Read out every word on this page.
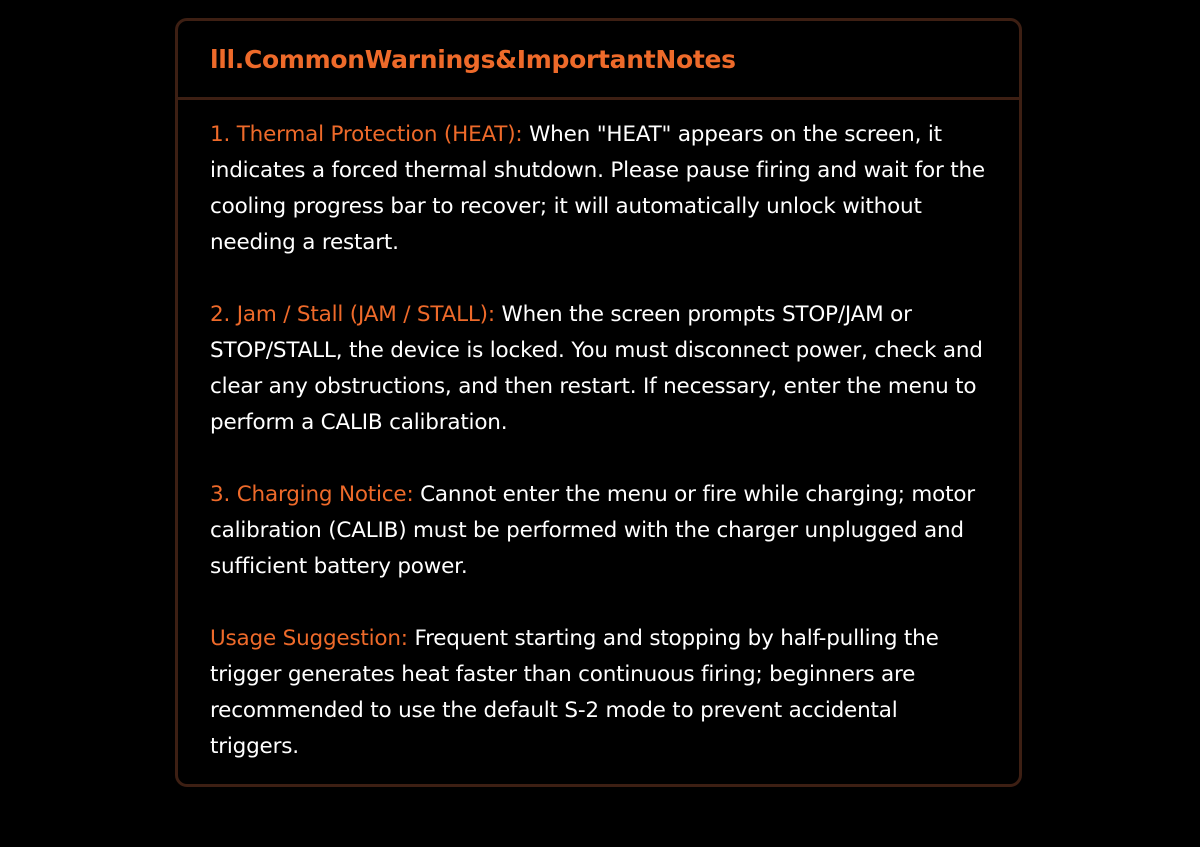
lll.CommonWarnings&ImportantNotes

1. Thermal Protection (HEAT): When "HEAT" appears on the screen, it indicates a forced thermal shutdown. Please pause firing and wait for the cooling progress bar to recover; it will automatically unlock without needing a restart.

2. Jam / Stall (JAM / STALL): When the screen prompts STOP/JAM or STOP/STALL, the device is locked. You must disconnect power, check and clear any obstructions, and then restart. If necessary, enter the menu to perform a CALIB calibration.

3. Charging Notice: Cannot enter the menu or fire while charging; motor calibration (CALIB) must be performed with the charger unplugged and sufficient battery power.

Usage Suggestion: Frequent starting and stopping by half-pulling the trigger generates heat faster than continuous firing; beginners are recommended to use the default S-2 mode to prevent accidental triggers.
